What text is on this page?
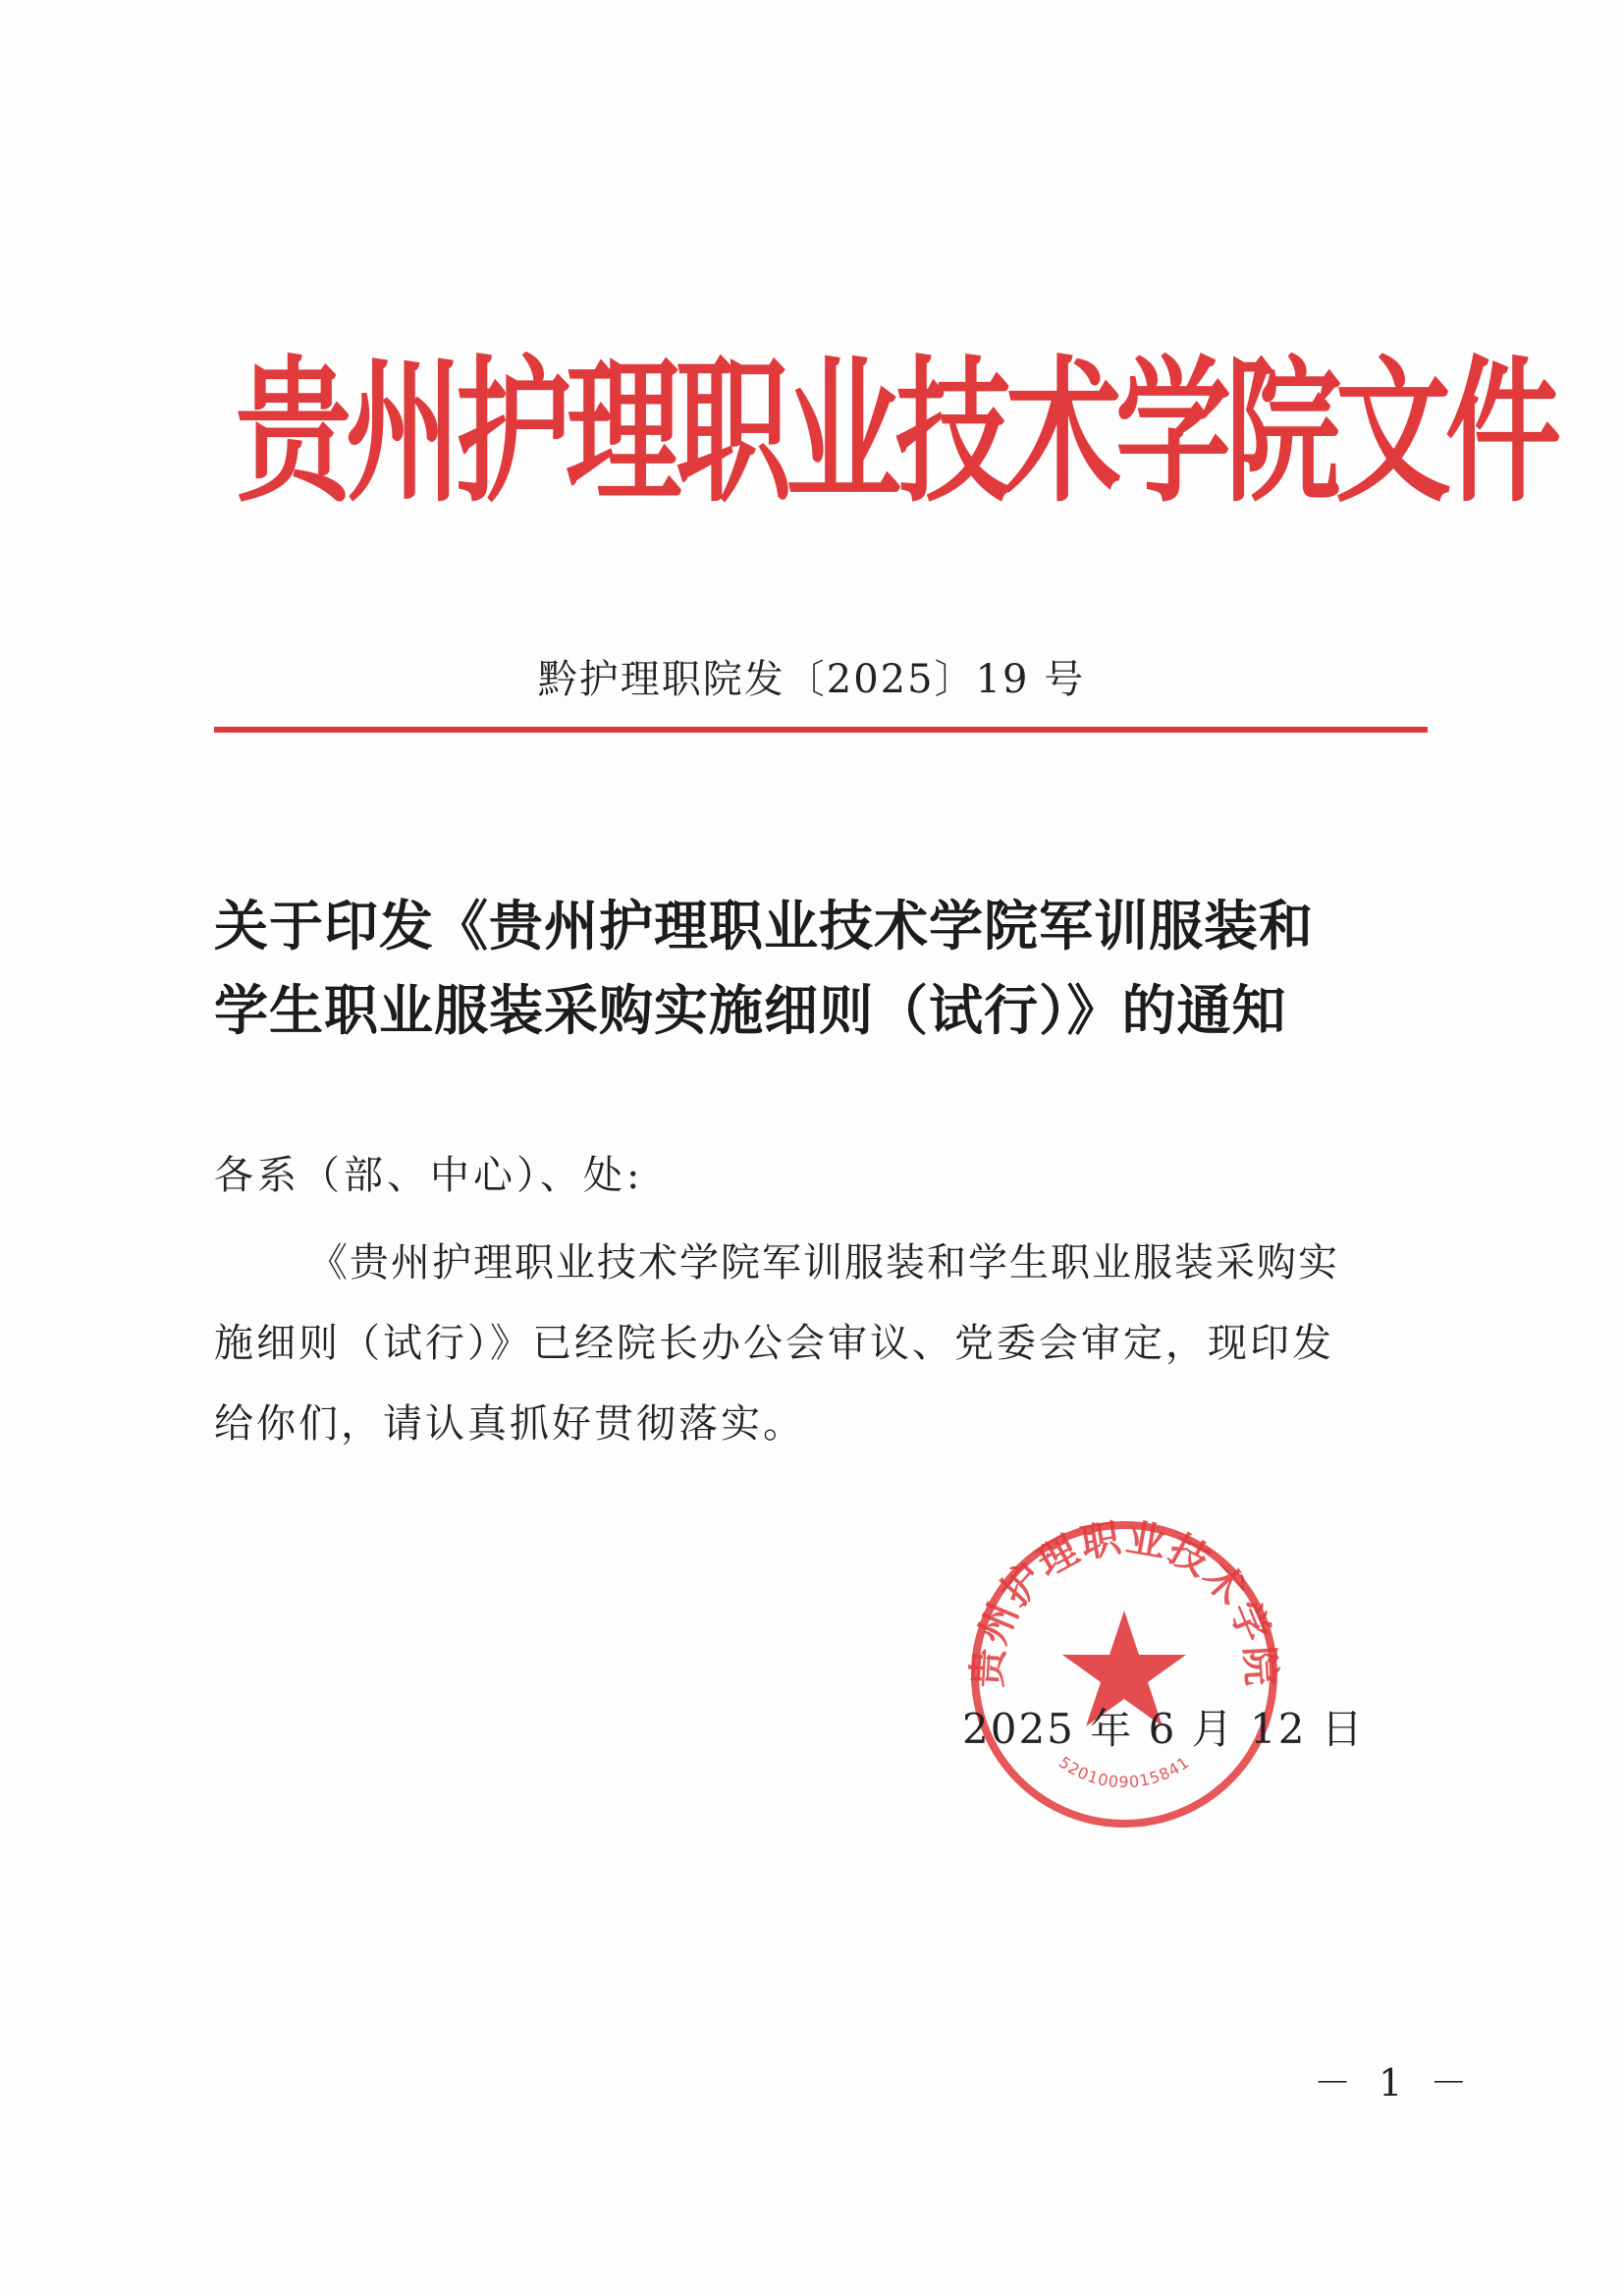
贵州护理职业技术学院文件
黔护理职院发〔2025〕19 号
关于印发《贵州护理职业技术学院军训服装和
学生职业服装采购实施细则（试行）》的通知
各系（部、中心）、处:
《贵州护理职业技术学院军训服装和学生职业服装采购实
施细则（试行）》已经院长办公会审议、党委会审定，现印发
给你们，请认真抓好贯彻落实。
贵州护理职业技术学院
5201009015841
2025 年 6 月 12 日
－ 1 －
